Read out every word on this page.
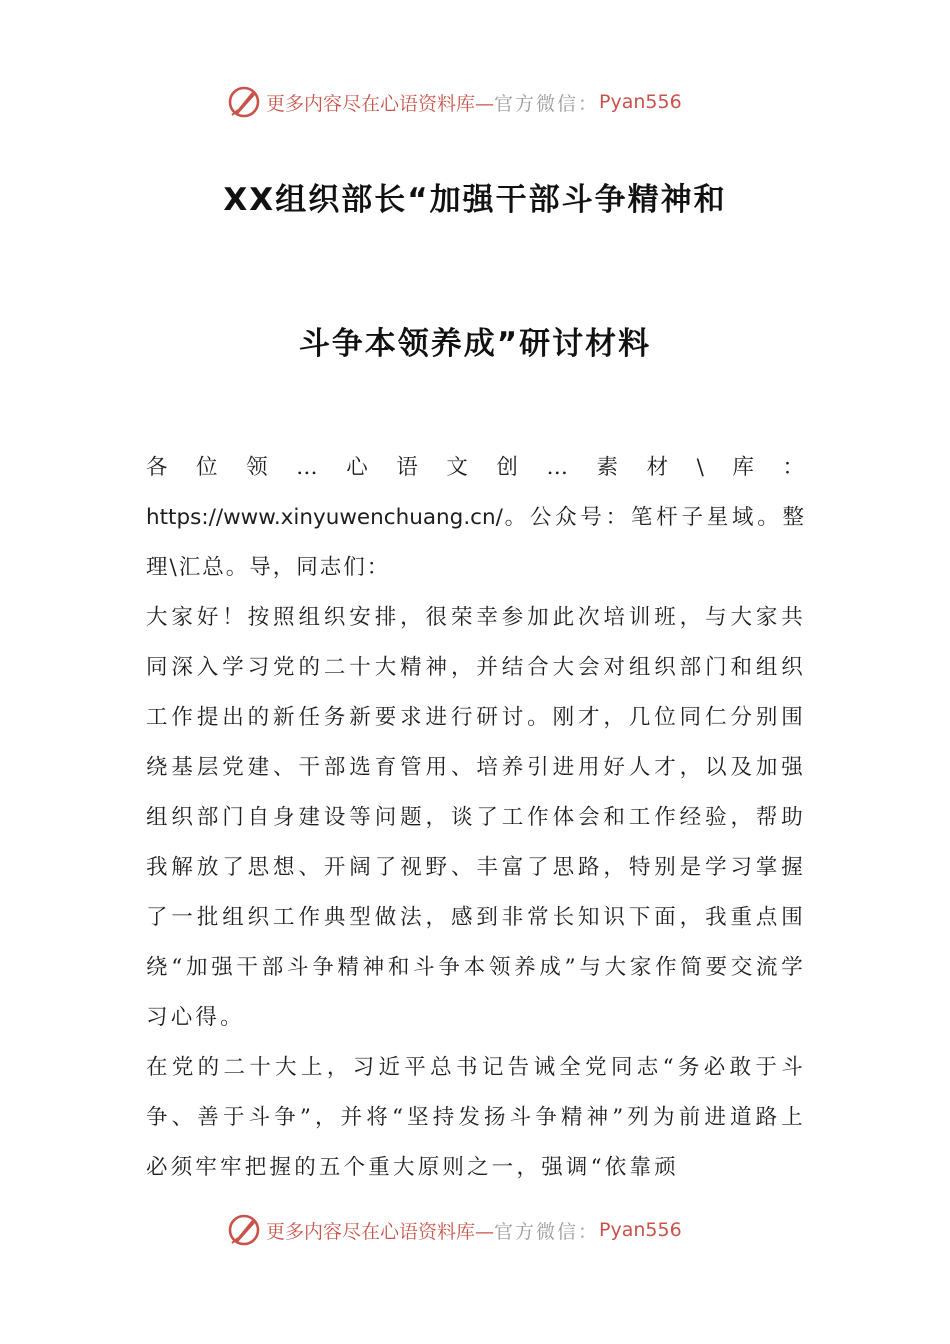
更多内容尽在心语资料库— 官方微信： Pyan556
XX组织部长“加强干部斗争精神和
斗争本领养成”研讨材料
各位领…心语文创…素材\库：https://www.xinyuwenchuang.cn/。公众号：笔杆子星域。整理\汇总。导，同志们：
大家好！按照组织安排，很荣幸参加此次培训班，与大家共同深入学习党的二十大精神，并结合大会对组织部门和组织工作提出的新任务新要求进行研讨。刚才，几位同仁分别围绕基层党建、干部选育管用、培养引进用好人才，以及加强组织部门自身建设等问题，谈了工作体会和工作经验，帮助我解放了思想、开阔了视野、丰富了思路，特别是学习掌握了一批组织工作典型做法，感到非常长知识下面，我重点围绕“加强干部斗争精神和斗争本领养成”与大家作简要交流学习心得。
在党的二十大上，习近平总书记告诫全党同志“务必敢于斗争、善于斗争”，并将“坚持发扬斗争精神”列为前进道路上必须牢牢把握的五个重大原则之一，强调“依靠顽
更多内容尽在心语资料库— 官方微信： Pyan556
